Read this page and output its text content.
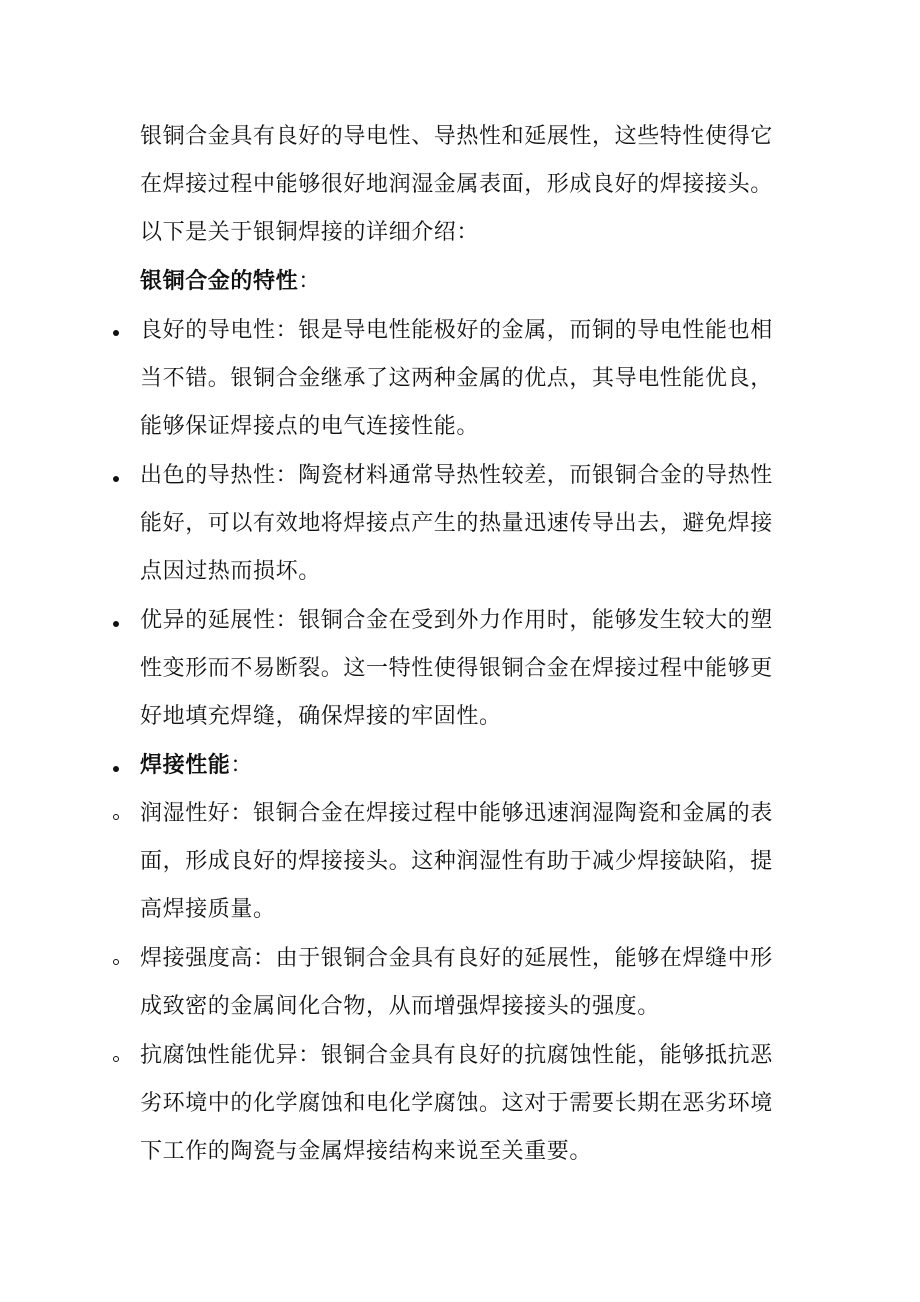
银铜合金具有良好的导电性、导热性和延展性，这些特性使得它
在焊接过程中能够很好地润湿金属表面，形成良好的焊接接头。
以下是关于银铜焊接的详细介绍：
银铜合金的特性：
良好的导电性：银是导电性能极好的金属，而铜的导电性能也相
当不错。银铜合金继承了这两种金属的优点，其导电性能优良，
能够保证焊接点的电气连接性能。
出色的导热性：陶瓷材料通常导热性较差，而银铜合金的导热性
能好，可以有效地将焊接点产生的热量迅速传导出去，避免焊接
点因过热而损坏。
优异的延展性：银铜合金在受到外力作用时，能够发生较大的塑
性变形而不易断裂。这一特性使得银铜合金在焊接过程中能够更
好地填充焊缝，确保焊接的牢固性。
焊接性能：
润湿性好：银铜合金在焊接过程中能够迅速润湿陶瓷和金属的表
面，形成良好的焊接接头。这种润湿性有助于减少焊接缺陷，提
高焊接质量。
焊接强度高：由于银铜合金具有良好的延展性，能够在焊缝中形
成致密的金属间化合物，从而增强焊接接头的强度。
抗腐蚀性能优异：银铜合金具有良好的抗腐蚀性能，能够抵抗恶
劣环境中的化学腐蚀和电化学腐蚀。这对于需要长期在恶劣环境
下工作的陶瓷与金属焊接结构来说至关重要。
